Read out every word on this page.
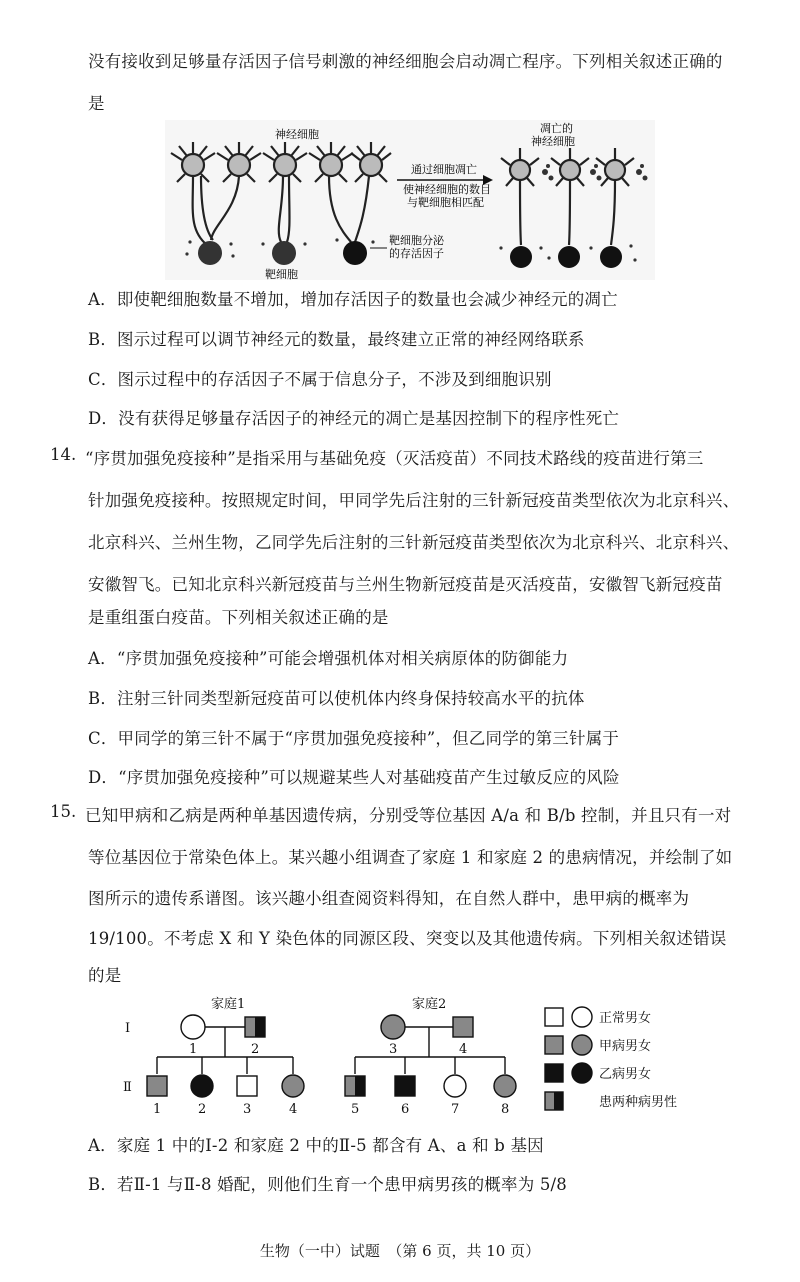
没有接收到足够量存活因子信号刺激的神经细胞会启动凋亡程序。下列相关叙述正确的
是
神经细胞
靶细胞
靶细胞分泌
的存活因子
通过细胞凋亡
使神经细胞的数目
与靶细胞相匹配
凋亡的
神经细胞
A．即使靶细胞数量不增加，增加存活因子的数量也会减少神经元的凋亡
B．图示过程可以调节神经元的数量，最终建立正常的神经网络联系
C．图示过程中的存活因子不属于信息分子，不涉及到细胞识别
D．没有获得足够量存活因子的神经元的凋亡是基因控制下的程序性死亡
14. “序贯加强免疫接种”是指采用与基础免疫（灭活疫苗）不同技术路线的疫苗进行第三
针加强免疫接种。按照规定时间，甲同学先后注射的三针新冠疫苗类型依次为北京科兴、
北京科兴、兰州生物，乙同学先后注射的三针新冠疫苗类型依次为北京科兴、北京科兴、
安徽智飞。已知北京科兴新冠疫苗与兰州生物新冠疫苗是灭活疫苗，安徽智飞新冠疫苗
是重组蛋白疫苗。下列相关叙述正确的是
A．“序贯加强免疫接种”可能会增强机体对相关病原体的防御能力
B．注射三针同类型新冠疫苗可以使机体内终身保持较高水平的抗体
C．甲同学的第三针不属于“序贯加强免疫接种”，但乙同学的第三针属于
D．“序贯加强免疫接种”可以规避某些人对基础疫苗产生过敏反应的风险
15. 已知甲病和乙病是两种单基因遗传病，分别受等位基因 A/a 和 B/b 控制，并且只有一对
等位基因位于常染色体上。某兴趣小组调查了家庭 1 和家庭 2 的患病情况，并绘制了如
图所示的遗传系谱图。该兴趣小组查阅资料得知，在自然人群中，患甲病的概率为
19/100。不考虑 X 和 Y 染色体的同源区段、突变以及其他遗传病。下列相关叙述错误
的是
家庭1	家庭2
I
Ⅱ
1	2	3	4
1	2	3	4	5	6	7	8
正常男女
甲病男女
乙病男女
患两种病男性
A．家庭 1 中的Ⅰ-2 和家庭 2 中的Ⅱ-5 都含有 A、a 和 b 基因
B．若Ⅱ-1 与Ⅱ-8 婚配，则他们生育一个患甲病男孩的概率为 5/8
生物（一中）试题　（第 6 页，共 10 页）
